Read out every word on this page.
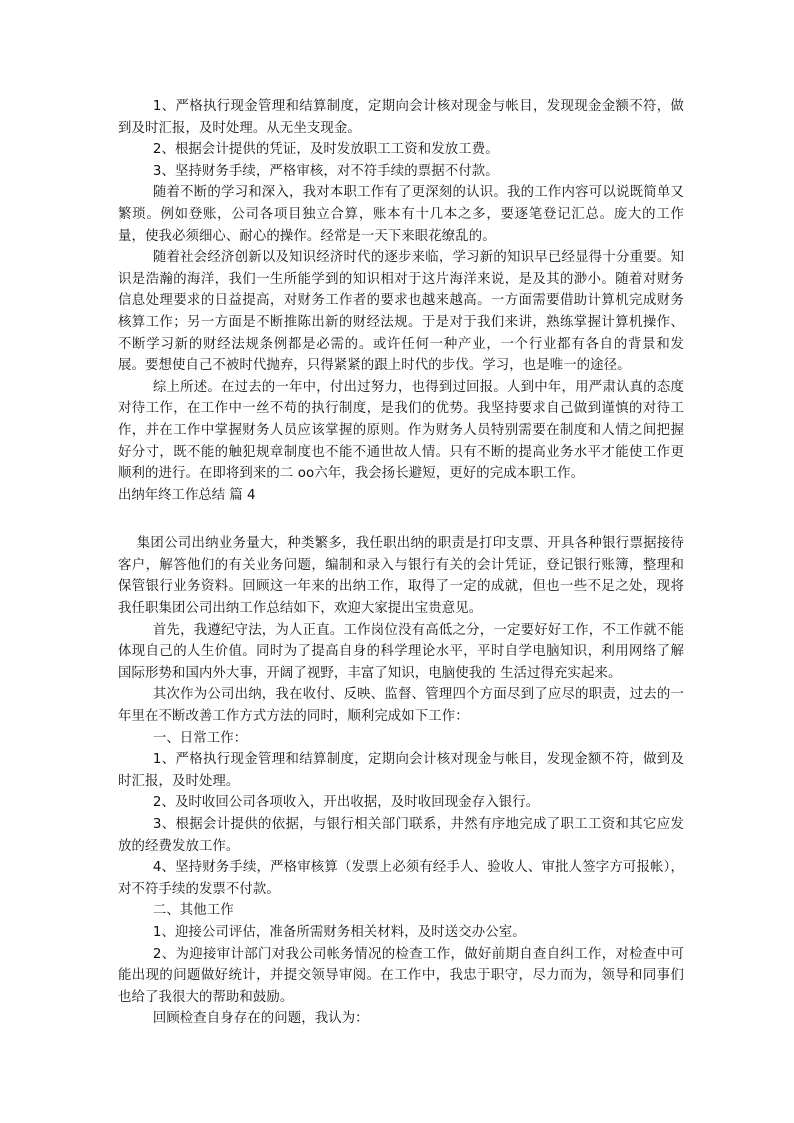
1、严格执行现金管理和结算制度，定期向会计核对现金与帐目，发现现金金额不符，做到及时汇报，及时处理。从无坐支现金。

2、根据会计提供的凭证，及时发放职工工资和发放工费。

3、坚持财务手续，严格审核，对不符手续的票据不付款。

随着不断的学习和深入，我对本职工作有了更深刻的认识。我的工作内容可以说既简单又繁琐。例如登账，公司各项目独立合算，账本有十几本之多，要逐笔登记汇总。庞大的工作量，使我必须细心、耐心的操作。经常是一天下来眼花缭乱的。

随着社会经济创新以及知识经济时代的逐步来临，学习新的知识早已经显得十分重要。知识是浩瀚的海洋，我们一生所能学到的知识相对于这片海洋来说，是及其的渺小。随着对财务信息处理要求的日益提高，对财务工作者的要求也越来越高。一方面需要借助计算机完成财务核算工作；另一方面是不断推陈出新的财经法规。于是对于我们来讲，熟练掌握计算机操作、不断学习新的财经法规条例都是必需的。或许任何一种产业，一个行业都有各自的背景和发展。要想使自己不被时代抛弃，只得紧紧的跟上时代的步伐。学习，也是唯一的途径。

综上所述。在过去的一年中，付出过努力，也得到过回报。人到中年，用严肃认真的态度对待工作，在工作中一丝不苟的执行制度，是我们的优势。我坚持要求自己做到谨慎的对待工作，并在工作中掌握财务人员应该掌握的原则。作为财务人员特别需要在制度和人情之间把握好分寸，既不能的触犯规章制度也不能不通世故人情。只有不断的提高业务水平才能使工作更顺利的进行。在即将到来的二 oo六年，我会扬长避短，更好的完成本职工作。

出纳年终工作总结 篇 4

集团公司出纳业务量大，种类繁多，我任职出纳的职责是打印支票、开具各种银行票据接待客户，解答他们的有关业务问题，编制和录入与银行有关的会计凭证，登记银行账簿，整理和保管银行业务资料。回顾这一年来的出纳工作，取得了一定的成就，但也一些不足之处，现将我任职集团公司出纳工作总结如下，欢迎大家提出宝贵意见。

首先，我遵纪守法，为人正直。工作岗位没有高低之分，一定要好好工作，不工作就不能体现自己的人生价值。同时为了提高自身的科学理论水平，平时自学电脑知识，利用网络了解国际形势和国内外大事，开阔了视野，丰富了知识，电脑使我的 生活过得充实起来。

其次作为公司出纳，我在收付、反映、监督、管理四个方面尽到了应尽的职责，过去的一年里在不断改善工作方式方法的同时，顺利完成如下工作：

一、日常工作：

1、严格执行现金管理和结算制度，定期向会计核对现金与帐目，发现金额不符，做到及时汇报，及时处理。

2、及时收回公司各项收入，开出收据，及时收回现金存入银行。

3、根据会计提供的依据，与银行相关部门联系，井然有序地完成了职工工资和其它应发放的经费发放工作。

4、坚持财务手续，严格审核算（发票上必须有经手人、验收人、审批人签字方可报帐），对不符手续的发票不付款。

二、其他工作

1、迎接公司评估，准备所需财务相关材料，及时送交办公室。

2、为迎接审计部门对我公司帐务情况的检查工作，做好前期自查自纠工作，对检查中可能出现的问题做好统计，并提交领导审阅。在工作中，我忠于职守，尽力而为，领导和同事们也给了我很大的帮助和鼓励。

回顾检查自身存在的问题，我认为：
